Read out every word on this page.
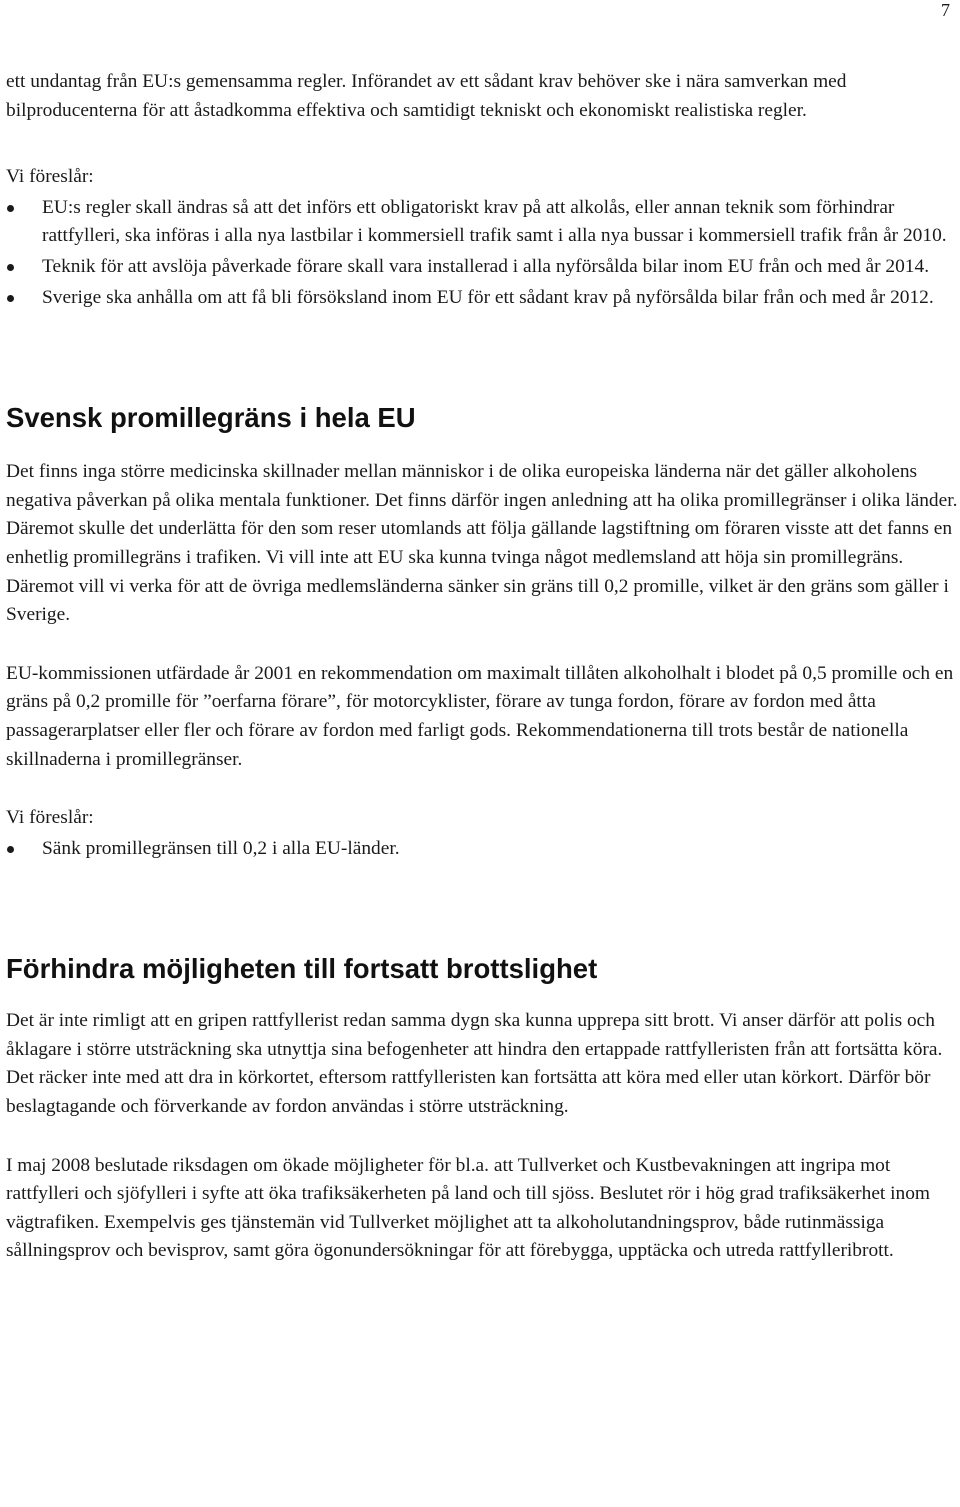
7

ett undantag från EU:s gemensamma regler. Införandet av ett sådant krav behöver ske i nära samverkan med bilproducenterna för att åstadkomma effektiva och samtidigt tekniskt och ekonomiskt realistiska regler.

Vi föreslår:

EU:s regler skall ändras så att det införs ett obligatoriskt krav på att alkolås, eller annan teknik som förhindrar rattfylleri, ska införas i alla nya lastbilar i kommersiell trafik samt i alla nya bussar i kommersiell trafik från år 2010.
Teknik för att avslöja påverkade förare skall vara installerad i alla nyförsålda bilar inom EU från och med år 2014.
Sverige ska anhålla om att få bli försöksland inom EU för ett sådant krav på nyförsålda bilar från och med år 2012.
Svensk promillegräns i hela EU

Det finns inga större medicinska skillnader mellan människor i de olika europeiska länderna när det gäller alkoholens negativa påverkan på olika mentala funktioner. Det finns därför ingen anledning att ha olika promillegränser i olika länder. Däremot skulle det underlätta för den som reser utomlands att följa gällande lagstiftning om föraren visste att det fanns en enhetlig promillegräns i trafiken. Vi vill inte att EU ska kunna tvinga något medlemsland att höja sin promillegräns. Däremot vill vi verka för att de övriga medlemsländerna sänker sin gräns till 0,2 promille, vilket är den gräns som gäller i Sverige.

EU-kommissionen utfärdade år 2001 en rekommendation om maximalt tillåten alkoholhalt i blodet på 0,5 promille och en gräns på 0,2 promille för ”oerfarna förare”, för motorcyklister, förare av tunga fordon, förare av fordon med åtta passagerarplatser eller fler och förare av fordon med farligt gods. Rekommendationerna till trots består de nationella skillnaderna i promillegränser.

Vi föreslår:

Sänk promillegränsen till 0,2 i alla EU-länder.
Förhindra möjligheten till fortsatt brottslighet

Det är inte rimligt att en gripen rattfyllerist redan samma dygn ska kunna upprepa sitt brott. Vi anser därför att polis och åklagare i större utsträckning ska utnyttja sina befogenheter att hindra den ertappade rattfylleristen från att fortsätta köra. Det räcker inte med att dra in körkortet, eftersom rattfylleristen kan fortsätta att köra med eller utan körkort. Därför bör beslagtagande och förverkande av fordon användas i större utsträckning.

I maj 2008 beslutade riksdagen om ökade möjligheter för bl.a. att Tullverket och Kustbevakningen att ingripa mot rattfylleri och sjöfylleri i syfte att öka trafiksäkerheten på land och till sjöss. Beslutet rör i hög grad trafiksäkerhet inom vägtrafiken. Exempelvis ges tjänstemän vid Tullverket möjlighet att ta alkoholutandningsprov, både rutinmässiga sållningsprov och bevisprov, samt göra ögonundersökningar för att förebygga, upptäcka och utreda rattfylleribrott.
